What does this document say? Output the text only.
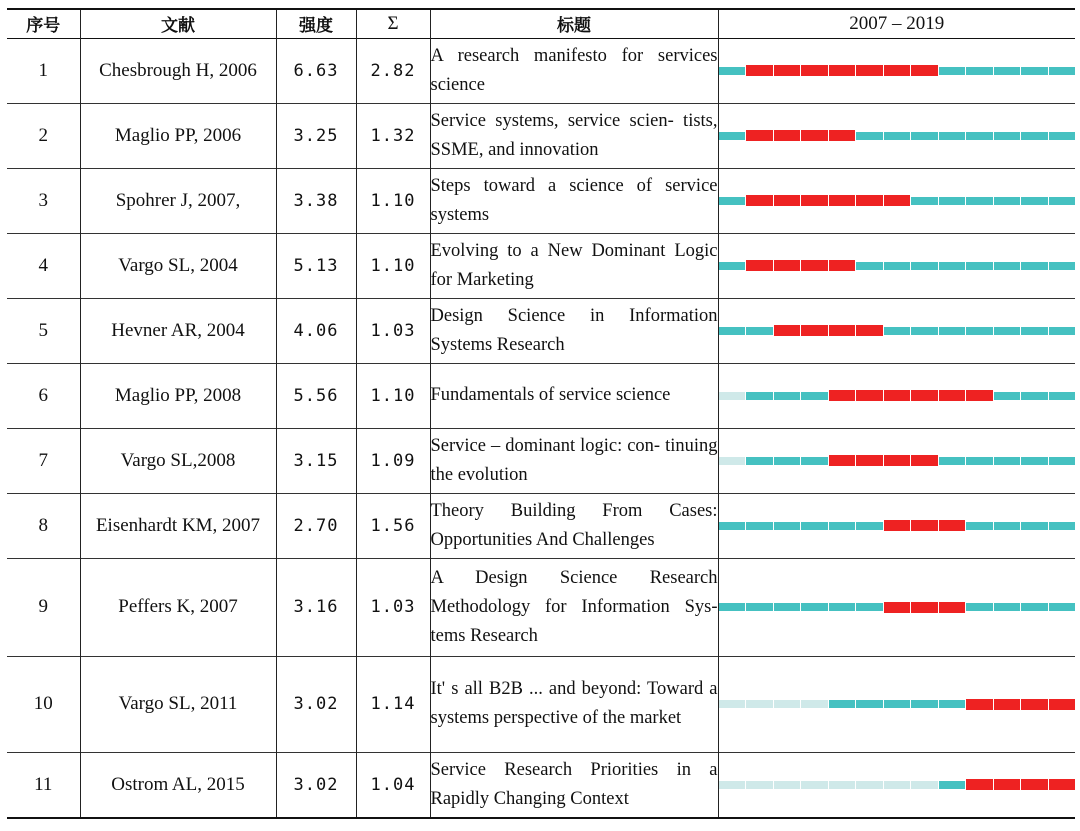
序号	文献	强度	Σ	标题	2007 – 2019
1	Chesbrough H, 2006	6.63	2.82	A research manifesto for services science	

2	Maglio PP, 2006	3.25	1.32	Service systems, service scien- tists, SSME, and innovation	

3	Spohrer J, 2007,	3.38	1.10	Steps toward a science of service systems	

4	Vargo SL, 2004	5.13	1.10	Evolving to a New Dominant Logic for Marketing	

5	Hevner AR, 2004	4.06	1.03	Design Science in Information Systems Research	

6	Maglio PP, 2008	5.56	1.10	Fundamentals of service science	

7	Vargo SL,2008	3.15	1.09	Service – dominant logic: con- tinuing the evolution	

8	Eisenhardt KM, 2007	2.70	1.56	Theory Building From Cases: Opportunities And Challenges	

9	Peffers K, 2007	3.16	1.03	A Design Science Research Methodology for Information Sys- tems Research	

10	Vargo SL, 2011	3.02	1.14	It' s all B2B ... and beyond: Toward a systems perspective of the market	

11	Ostrom AL, 2015	3.02	1.04	Service Research Priorities in a Rapidly Changing Context	
